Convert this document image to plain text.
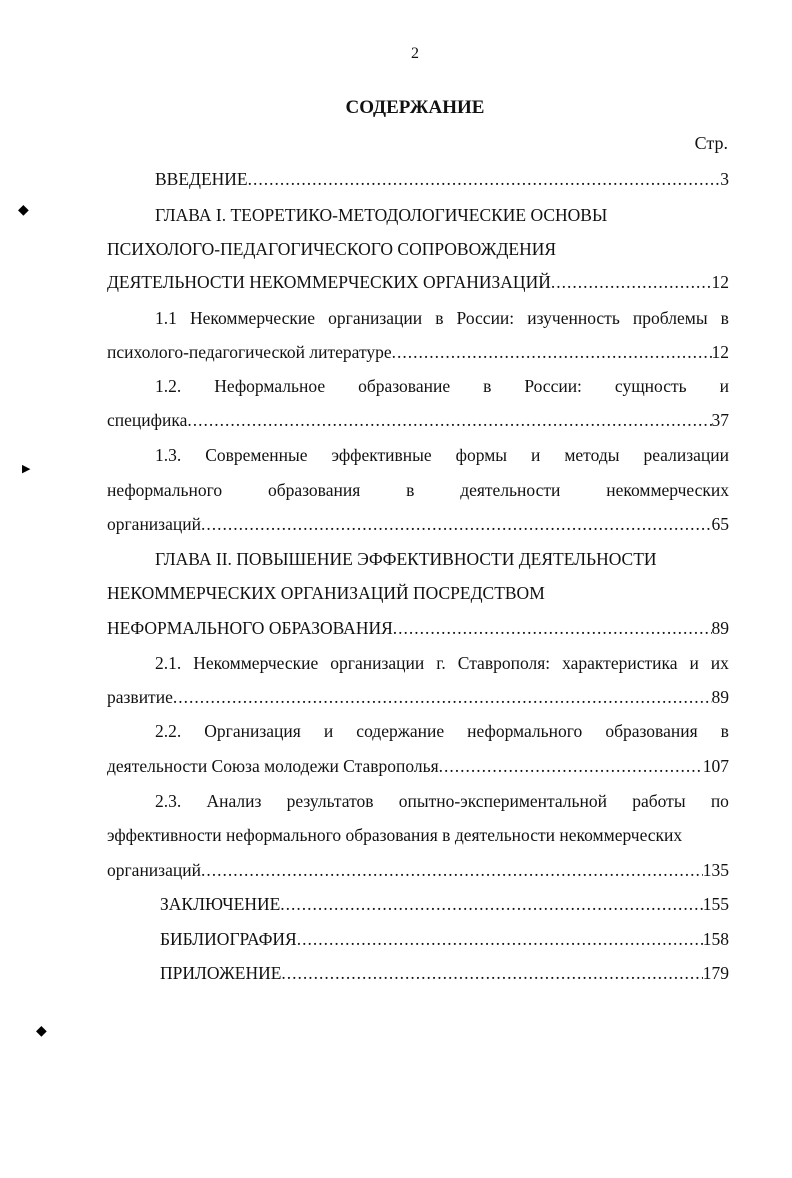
2
СОДЕРЖАНИЕ
Стр.
◆
▶
◆
ВВЕДЕНИЕ .....	3
ГЛАВА I. ТЕОРЕТИКО-МЕТОДОЛОГИЧЕСКИЕ ОСНОВЫ
ПСИХОЛОГО-ПЕДАГОГИЧЕСКОГО СОПРОВОЖДЕНИЯ
ДЕЯТЕЛЬНОСТИ НЕКОММЕРЧЕСКИХ ОРГАНИЗАЦИЙ .....	12
1.1 Некоммерческие организации в России: изученность проблемы в
психолого-педагогической литературе .....	12
1.2. Неформальное образование в России: сущность и
специфика .....	37
1.3. Современные эффективные формы и методы реализации
неформального	образования	в	деятельности	некоммерческих
организаций .....	65
ГЛАВА II. ПОВЫШЕНИЕ ЭФФЕКТИВНОСТИ ДЕЯТЕЛЬНОСТИ
НЕКОММЕРЧЕСКИХ ОРГАНИЗАЦИЙ ПОСРЕДСТВОМ
НЕФОРМАЛЬНОГО ОБРАЗОВАНИЯ .....	89
2.1. Некоммерческие организации г. Ставрополя: характеристика и их
развитие .....	89
2.2. Организация и содержание неформального образования в
деятельности Союза молодежи Ставрополья .....	107
2.3. Анализ результатов опытно-экспериментальной работы по
эффективности неформального образования в деятельности некоммерческих
организаций .....	135
ЗАКЛЮЧЕНИЕ .....	155
БИБЛИОГРАФИЯ .....	158
ПРИЛОЖЕНИЕ .....	179
